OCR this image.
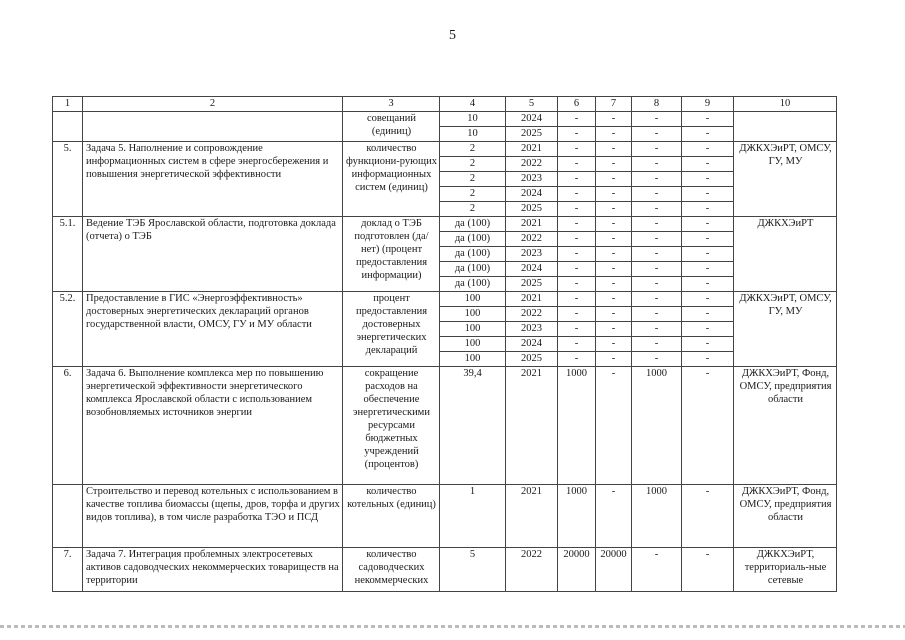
5
1	2	3	4	5	6	7	8	9	10
		совещаний (единиц)	10	2024	-	-	-	-	
			10	2025	-	-	-	-	
5.	Задача 5. Наполнение и сопровождение информационных систем в сфере энергосбережения и повышения энергетической эффективности	количество функциони-рующих информационных систем (единиц)	2	2021	-	-	-	-	ДЖКХЭиРТ, ОМСУ, ГУ, МУ
			2	2022	-	-	-	-	
			2	2023	-	-	-	-	
			2	2024	-	-	-	-	
			2	2025	-	-	-	-	
5.1.	Ведение ТЭБ Ярославской области, подготовка доклада (отчета) о ТЭБ	доклад о ТЭБ подготовлен (да/нет) (процент предоставления информации)	да (100)	2021	-	-	-	-	ДЖКХЭиРТ
			да (100)	2022	-	-	-	-	
			да (100)	2023	-	-	-	-	
			да (100)	2024	-	-	-	-	
			да (100)	2025	-	-	-	-	
5.2.	Предоставление в ГИС «Энергоэффективность» достоверных энергетических деклараций органов государственной власти, ОМСУ, ГУ и МУ области	процент предоставления достоверных энергетических деклараций	100	2021	-	-	-	-	ДЖКХЭиРТ, ОМСУ, ГУ, МУ
			100	2022	-	-	-	-	
			100	2023	-	-	-	-	
			100	2024	-	-	-	-	
			100	2025	-	-	-	-	
6.	Задача 6. Выполнение комплекса мер по повышению энергетической эффективности энергетического комплекса Ярославской области с использованием возобновляемых источников энергии	сокращение расходов на обеспечение энергетическими ресурсами бюджетных учреждений (процентов)	39,4	2021	1000	-	1000	-	ДЖКХЭиРТ, Фонд, ОМСУ, предприятия области
	Строительство и перевод котельных с использованием в качестве топлива биомассы (щепы, дров, торфа и других видов топлива), в том числе разработка ТЭО и ПСД	количество котельных (единиц)	1	2021	1000	-	1000	-	ДЖКХЭиРТ, Фонд, ОМСУ, предприятия области
7.	Задача 7. Интеграция проблемных электросетевых активов садоводческих некоммерческих товариществ на территории	количество садоводческих некоммерческих	5	2022	20000	20000	-	-	ДЖКХЭиРТ, территориаль-ные сетевые
